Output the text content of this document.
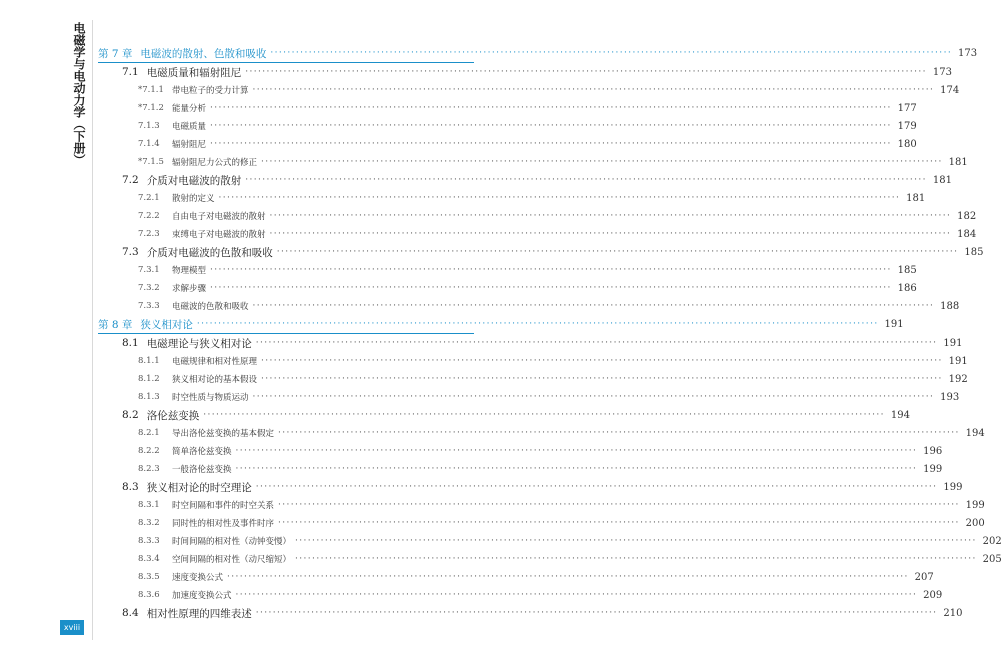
电磁学与电动力学（下册） 第 7 章 电磁波的散射、色散和吸收 ································································································································································ 173
7.1 电磁质量和辐射阻尼 ································································································································································ 173
*7.1.1 带电粒子的受力计算 ································································································································································ 174
*7.1.2 能量分析 ································································································································································ 177
7.1.3	电磁质量 ································································································································································ 179
7.1.4	辐射阻尼 ································································································································································ 180
*7.1.5 辐射阻尼力公式的修正 ································································································································································ 181
7.2 介质对电磁波的散射 ································································································································································ 181
7.2.1	散射的定义 ································································································································································ 181
7.2.2	自由电子对电磁波的散射 ································································································································································ 182
7.2.3	束缚电子对电磁波的散射 ································································································································································ 184
7.3 介质对电磁波的色散和吸收 ································································································································································ 185
7.3.1	物理模型 ································································································································································ 185
7.3.2	求解步骤 ································································································································································ 186
7.3.3	电磁波的色散和吸收 ································································································································································ 188
第 8 章 狭义相对论 ································································································································································ 191
8.1 电磁理论与狭义相对论 ································································································································································ 191
8.1.1	电磁规律和相对性原理 ································································································································································ 191
8.1.2	狭义相对论的基本假设 ································································································································································ 192
8.1.3	时空性质与物质运动 ································································································································································ 193
8.2 洛伦兹变换 ································································································································································ 194
8.2.1	导出洛伦兹变换的基本假定 ································································································································································ 194
8.2.2	简单洛伦兹变换 ································································································································································ 196
8.2.3	一般洛伦兹变换 ································································································································································ 199
8.3 狭义相对论的时空理论 ································································································································································ 199
8.3.1	时空间隔和事件的时空关系 ································································································································································ 199
8.3.2	同时性的相对性及事件时序 ································································································································································ 200
8.3.3	时间间隔的相对性（动钟变慢） ································································································································································ 202
8.3.4	空间间隔的相对性（动尺缩短） ································································································································································ 205
8.3.5	速度变换公式 ································································································································································ 207
8.3.6	加速度变换公式 ································································································································································ 209
8.4 相对性原理的四维表述 ································································································································································ 210
xviii
